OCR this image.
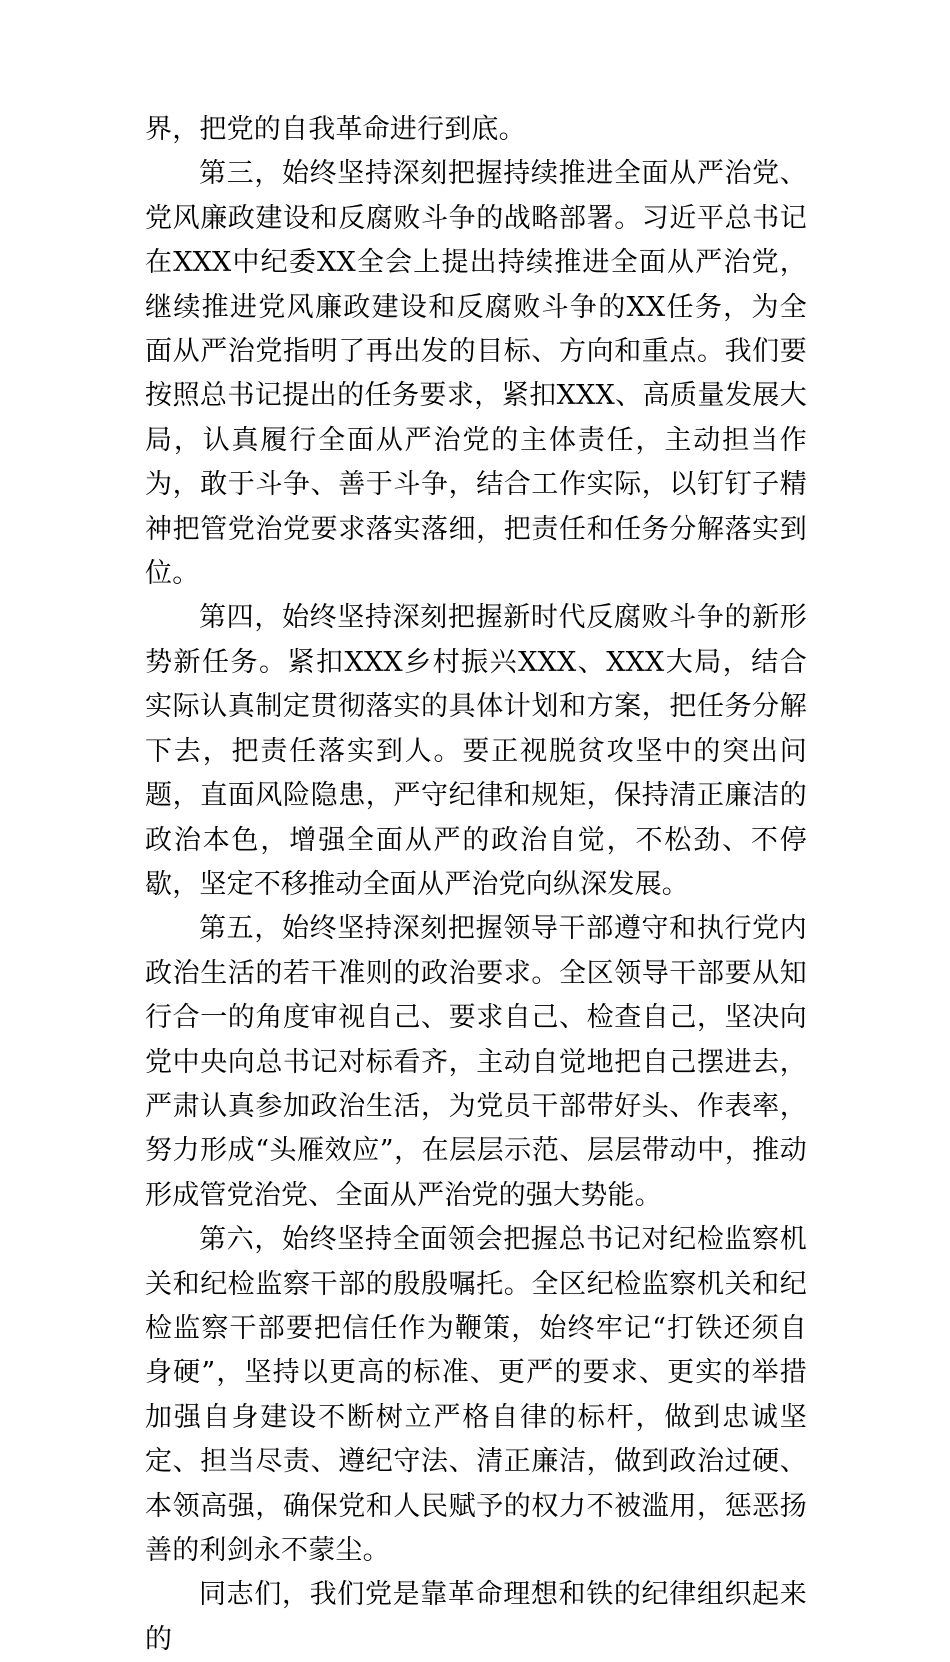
界，把党的自我革命进行到底。

第三，始终坚持深刻把握持续推进全面从严治党、党风廉政建设和反腐败斗争的战略部署。习近平总书记在XXX中纪委XX全会上提出持续推进全面从严治党，继续推进党风廉政建设和反腐败斗争的XX任务，为全面从严治党指明了再出发的目标、方向和重点。我们要按照总书记提出的任务要求，紧扣XXX、高质量发展大局，认真履行全面从严治党的主体责任，主动担当作为，敢于斗争、善于斗争，结合工作实际，以钉钉子精神把管党治党要求落实落细，把责任和任务分解落实到位。

第四，始终坚持深刻把握新时代反腐败斗争的新形势新任务。紧扣XXX乡村振兴XXX、XXX大局，结合实际认真制定贯彻落实的具体计划和方案，把任务分解下去，把责任落实到人。要正视脱贫攻坚中的突出问题，直面风险隐患，严守纪律和规矩，保持清正廉洁的政治本色，增强全面从严的政治自觉，不松劲、不停歇，坚定不移推动全面从严治党向纵深发展。

第五，始终坚持深刻把握领导干部遵守和执行党内政治生活的若干准则的政治要求。全区领导干部要从知行合一的角度审视自己、要求自己、检查自己，坚决向党中央向总书记对标看齐，主动自觉地把自己摆进去，严肃认真参加政治生活，为党员干部带好头、作表率，努力形成“头雁效应”，在层层示范、层层带动中，推动形成管党治党、全面从严治党的强大势能。

第六，始终坚持全面领会把握总书记对纪检监察机关和纪检监察干部的殷殷嘱托。全区纪检监察机关和纪检监察干部要把信任作为鞭策，始终牢记“打铁还须自身硬”，坚持以更高的标准、更严的要求、更实的举措加强自身建设不断树立严格自律的标杆，做到忠诚坚定、担当尽责、遵纪守法、清正廉洁，做到政治过硬、本领高强，确保党和人民赋予的权力不被滥用，惩恶扬善的利剑永不蒙尘。

同志们，我们党是靠革命理想和铁的纪律组织起来的
